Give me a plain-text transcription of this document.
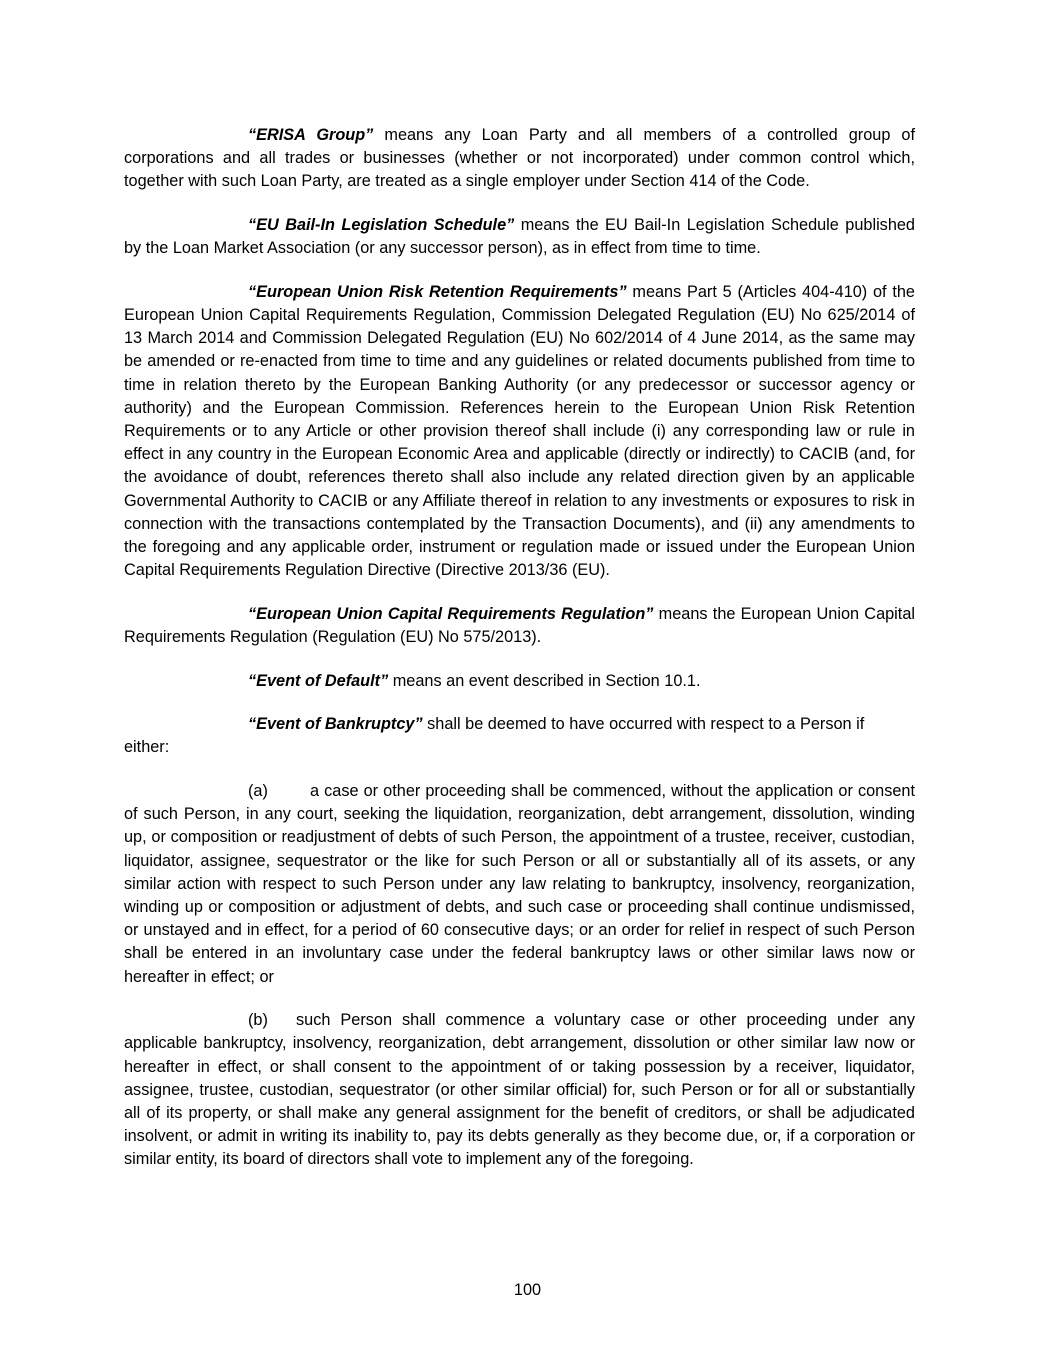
“ERISA Group” means any Loan Party and all members of a controlled group of corporations and all trades or businesses (whether or not incorporated) under common control which, together with such Loan Party, are treated as a single employer under Section 414 of the Code.

“EU Bail-In Legislation Schedule” means the EU Bail-In Legislation Schedule published by the Loan Market Association (or any successor person), as in effect from time to time.

“European Union Risk Retention Requirements” means Part 5 (Articles 404-410) of the European Union Capital Requirements Regulation, Commission Delegated Regulation (EU) No 625/2014 of 13 March 2014 and Commission Delegated Regulation (EU) No 602/2014 of 4 June 2014, as the same may be amended or re-enacted from time to time and any guidelines or related documents published from time to time in relation thereto by the European Banking Authority (or any predecessor or successor agency or authority) and the European Commission. References herein to the European Union Risk Retention Requirements or to any Article or other provision thereof shall include (i) any corresponding law or rule in effect in any country in the European Economic Area and applicable (directly or indirectly) to CACIB (and, for the avoidance of doubt, references thereto shall also include any related direction given by an applicable Governmental Authority to CACIB or any Affiliate thereof in relation to any investments or exposures to risk in connection with the transactions contemplated by the Transaction Documents), and (ii) any amendments to the foregoing and any applicable order, instrument or regulation made or issued under the European Union Capital Requirements Regulation Directive (Directive 2013/36 (EU).

“European Union Capital Requirements Regulation” means the European Union Capital Requirements Regulation (Regulation (EU) No 575/2013).

“Event of Default” means an event described in Section 10.1.

“Event of Bankruptcy” shall be deemed to have occurred with respect to a Person if

either:

(a)	a case or other proceeding shall be commenced, without the application or consent of such Person, in any court, seeking the liquidation, reorganization, debt arrangement, dissolution, winding up, or composition or readjustment of debts of such Person, the appointment of a trustee, receiver, custodian, liquidator, assignee, sequestrator or the like for such Person or all or substantially all of its assets, or any similar action with respect to such Person under any law relating to bankruptcy, insolvency, reorganization, winding up or composition or adjustment of debts, and such case or proceeding shall continue undismissed, or unstayed and in effect, for a period of 60 consecutive days; or an order for relief in respect of such Person shall be entered in an involuntary case under the federal bankruptcy laws or other similar laws now or hereafter in effect; or

(b) such Person shall commence a voluntary case or other proceeding under any applicable bankruptcy, insolvency, reorganization, debt arrangement, dissolution or other similar law now or hereafter in effect, or shall consent to the appointment of or taking possession by a receiver, liquidator, assignee, trustee, custodian, sequestrator (or other similar official) for, such Person or for all or substantially all of its property, or shall make any general assignment for the benefit of creditors, or shall be adjudicated insolvent, or admit in writing its inability to, pay its debts generally as they become due, or, if a corporation or similar entity, its board of directors shall vote to implement any of the foregoing.

100
